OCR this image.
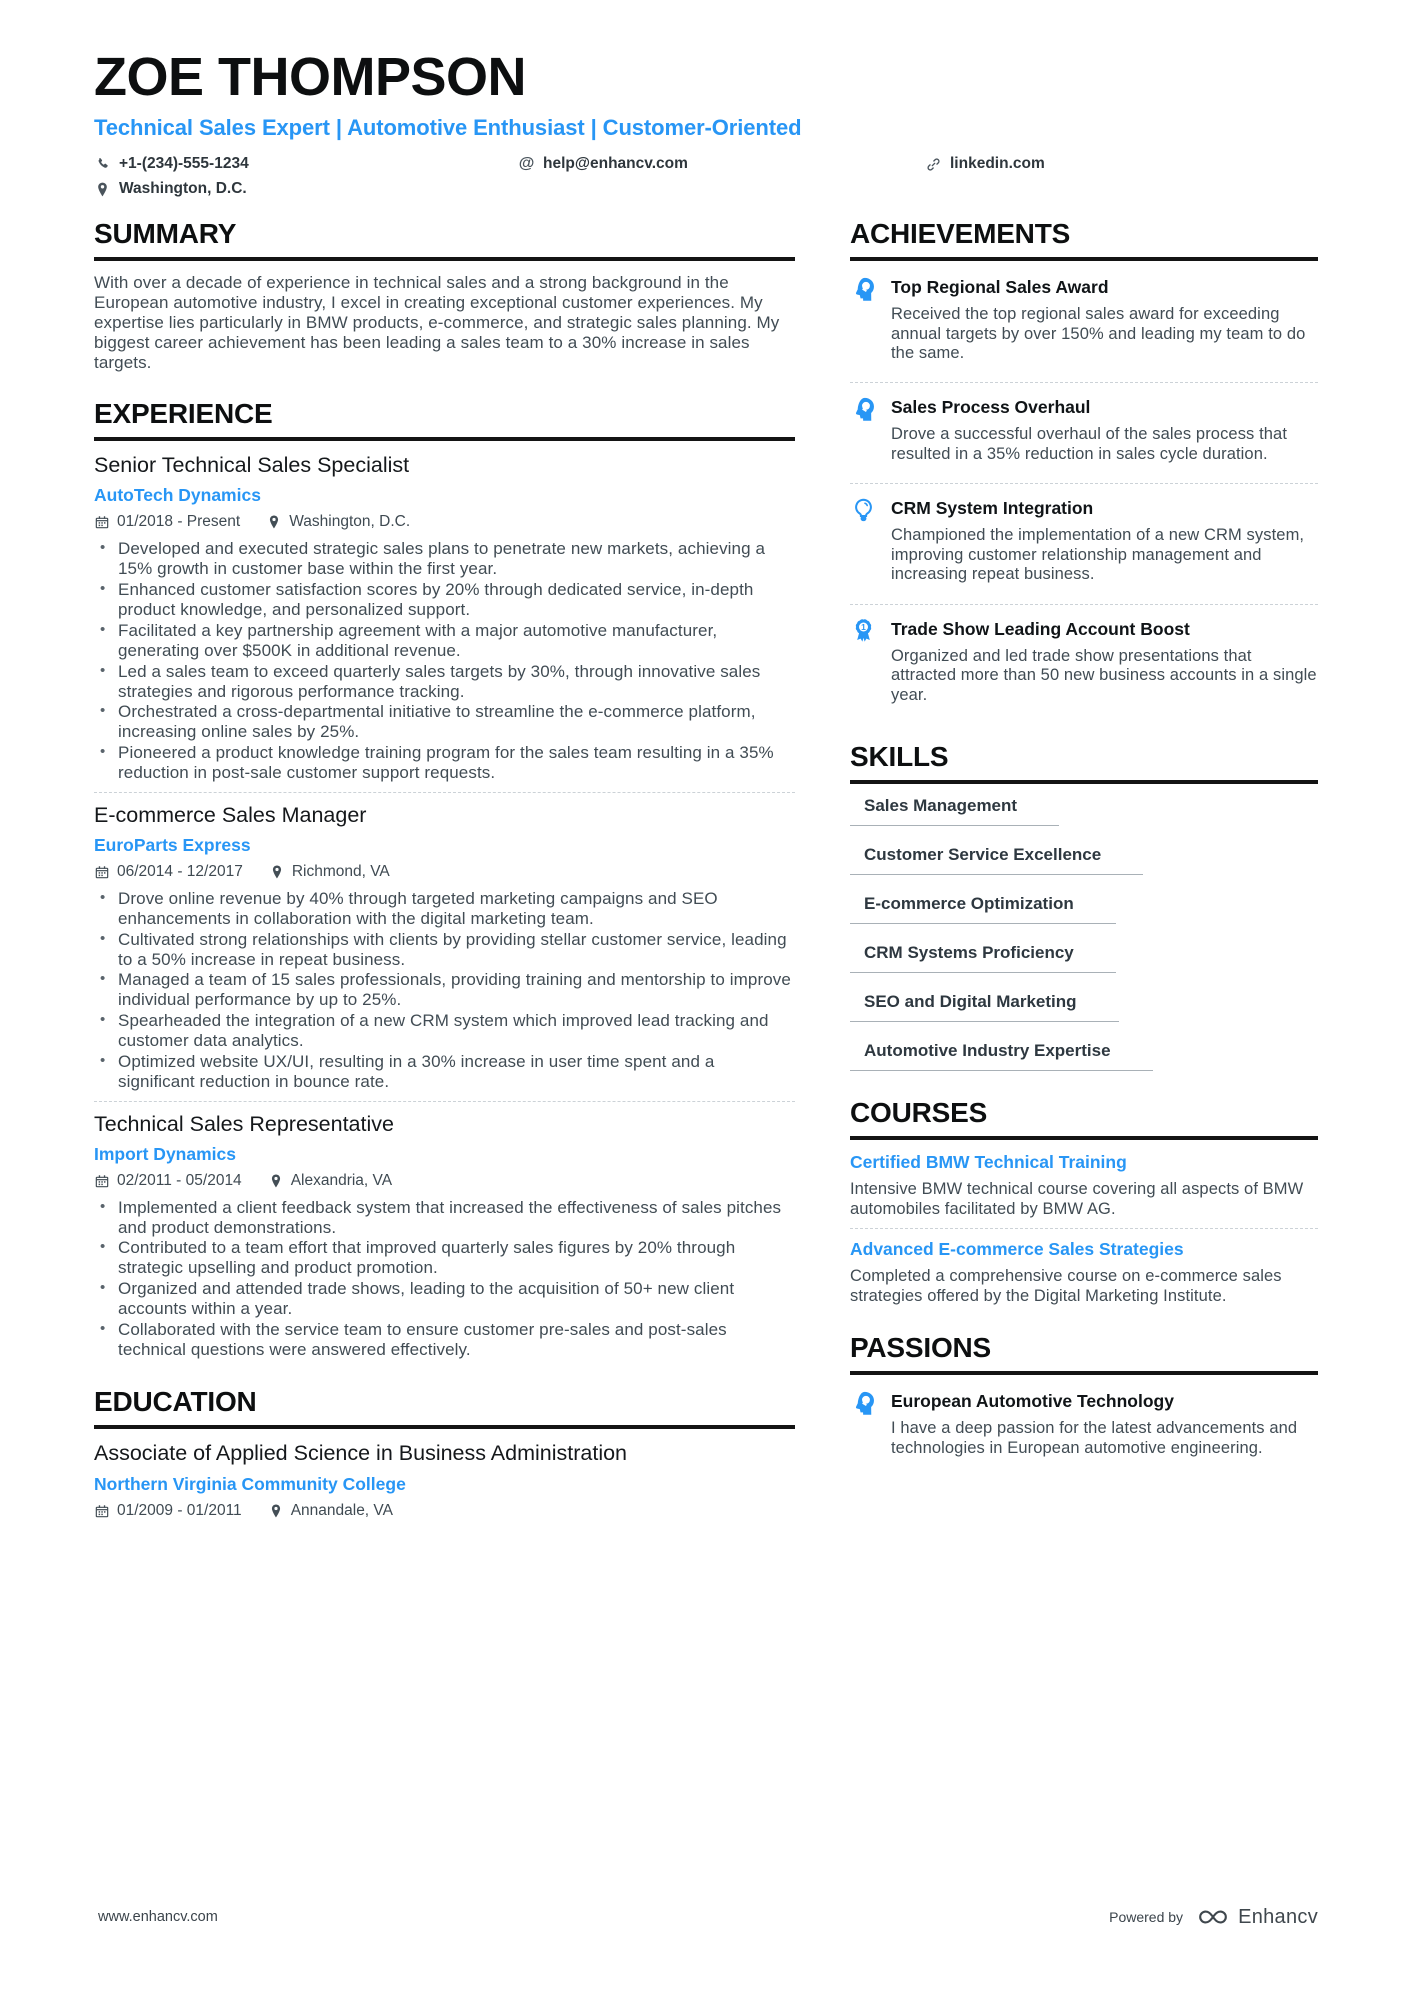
ZOE THOMPSON
Technical Sales Expert | Automotive Enthusiast | Customer-Oriented
+1-(234)-555-1234	@ help@enhancv.com	linkedin.com
Washington, D.C.
SUMMARY

With over a decade of experience in technical sales and a strong background in the European automotive industry, I excel in creating exceptional customer experiences. My expertise lies particularly in BMW products, e-commerce, and strategic sales planning. My biggest career achievement has been leading a sales team to a 30% increase in sales targets.

EXPERIENCE
Senior Technical Sales Specialist
AutoTech Dynamics
01/2018 - Present	Washington, D.C.
• Developed and executed strategic sales plans to penetrate new markets, achieving a 15% growth in customer base within the first year.
• Enhanced customer satisfaction scores by 20% through dedicated service, in-depth product knowledge, and personalized support.
• Facilitated a key partnership agreement with a major automotive manufacturer, generating over $500K in additional revenue.
• Led a sales team to exceed quarterly sales targets by 30%, through innovative sales strategies and rigorous performance tracking.
• Orchestrated a cross-departmental initiative to streamline the e-commerce platform, increasing online sales by 25%.
• Pioneered a product knowledge training program for the sales team resulting in a 35% reduction in post-sale customer support requests.
E-commerce Sales Manager
EuroParts Express
06/2014 - 12/2017	Richmond, VA
• Drove online revenue by 40% through targeted marketing campaigns and SEO enhancements in collaboration with the digital marketing team.
• Cultivated strong relationships with clients by providing stellar customer service, leading to a 50% increase in repeat business.
• Managed a team of 15 sales professionals, providing training and mentorship to improve individual performance by up to 25%.
• Spearheaded the integration of a new CRM system which improved lead tracking and customer data analytics.
• Optimized website UX/UI, resulting in a 30% increase in user time spent and a significant reduction in bounce rate.
Technical Sales Representative
Import Dynamics
02/2011 - 05/2014	Alexandria, VA
• Implemented a client feedback system that increased the effectiveness of sales pitches and product demonstrations.
• Contributed to a team effort that improved quarterly sales figures by 20% through strategic upselling and product promotion.
• Organized and attended trade shows, leading to the acquisition of 50+ new client accounts within a year.
• Collaborated with the service team to ensure customer pre-sales and post-sales technical questions were answered effectively.
EDUCATION
Associate of Applied Science in Business Administration
Northern Virginia Community College
01/2009 - 01/2011	Annandale, VA
ACHIEVEMENTS
Top Regional Sales Award

Received the top regional sales award for exceeding annual targets by over 150% and leading my team to do the same.

Sales Process Overhaul

Drove a successful overhaul of the sales process that resulted in a 35% reduction in sales cycle duration.

CRM System Integration

Championed the implementation of a new CRM system, improving customer relationship management and increasing repeat business.

1 Trade Show Leading Account Boost

Organized and led trade show presentations that attracted more than 50 new business accounts in a single year.

SKILLS
Sales Management
Customer Service Excellence
E-commerce Optimization
CRM Systems Proficiency
SEO and Digital Marketing
Automotive Industry Expertise
COURSES
Certified BMW Technical Training

Intensive BMW technical course covering all aspects of BMW automobiles facilitated by BMW AG.

Advanced E-commerce Sales Strategies

Completed a comprehensive course on e-commerce sales strategies offered by the Digital Marketing Institute.

PASSIONS
European Automotive Technology

I have a deep passion for the latest advancements and technologies in European automotive engineering.

www.enhancv.com	Powered by	Enhancv
